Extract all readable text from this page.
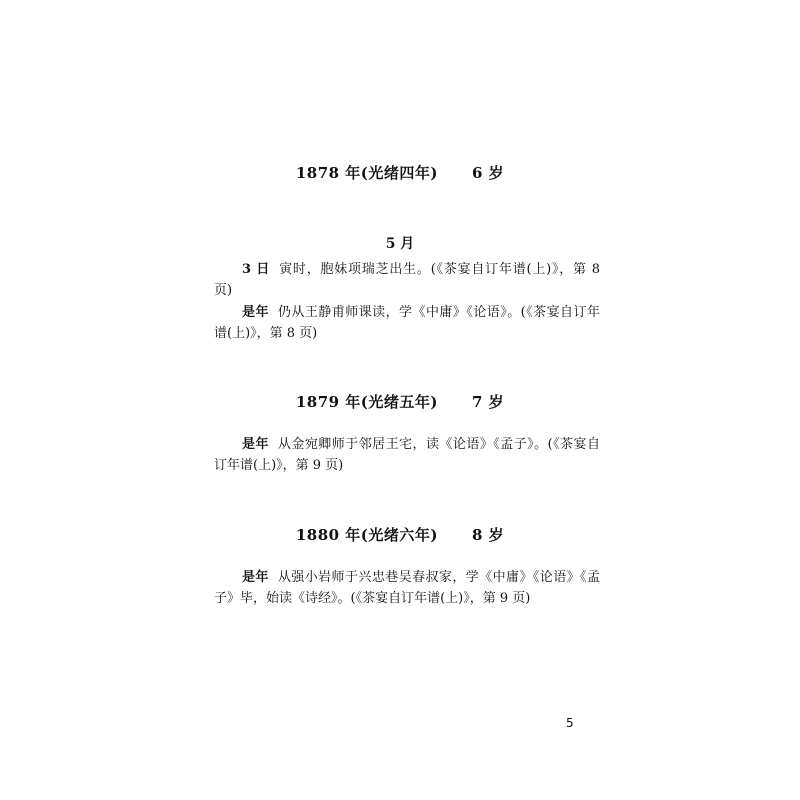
1878 年(光绪四年) 6 岁
5 月
3 日 寅时，胞妹项瑞芝出生。(《茶宴自订年谱(上)》，第 8 页)
是年 仍从王静甫师课读，学《中庸》《论语》。(《茶宴自订年谱(上)》，第 8 页)
1879 年(光绪五年) 7 岁
是年 从金宛卿师于邻居王宅，读《论语》《孟子》。(《茶宴自订年谱(上)》，第 9 页)
1880 年(光绪六年) 8 岁
是年 从强小岩师于兴忠巷吴春叔家，学《中庸》《论语》《孟子》毕，始读《诗经》。(《茶宴自订年谱(上)》，第 9 页)
5
